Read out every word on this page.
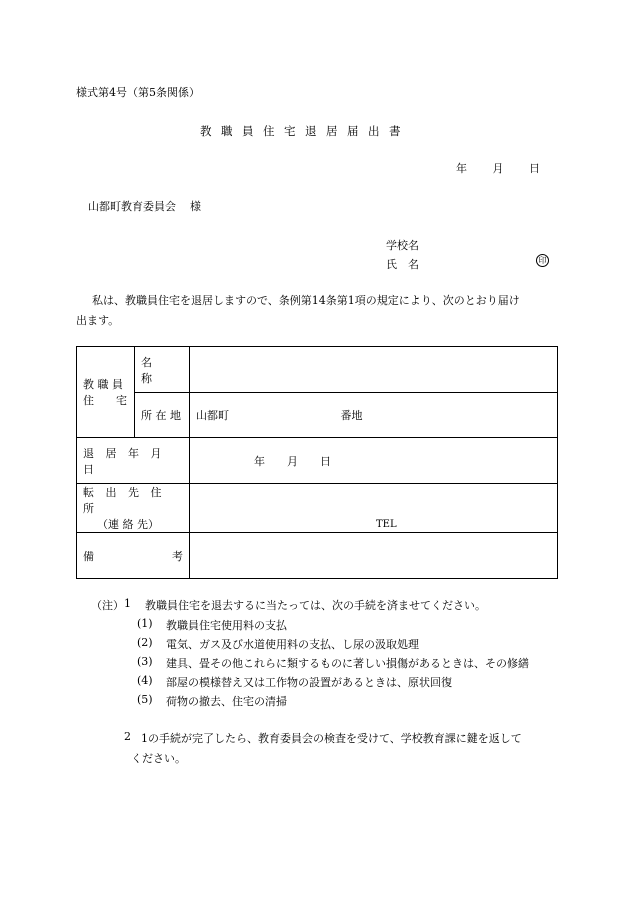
様式第4号（第5条関係）
教職員住宅退居届出書
年 月 日
山都町教育委員会 様
学校名
氏　名	印
私は、教職員住宅を退居しますので、条例第14条第1項の規定により、次のとおり届け
出ます。
教 職 員
住　　宅	名　　称	
	所 在 地	山都町 番地
退 居 年 月 日		年　　月　　日

転 出 先 住 所
（連 絡 先）		TEL

備 考		

（注） 1 教職員住宅を退去するに当たっては、次の手続を済ませてください。
(1) 教職員住宅使用料の支払
(2) 電気、ガス及び水道使用料の支払、し尿の汲取処理
(3) 建具、畳その他これらに類するものに著しい損傷があるときは、その修繕
(4) 部屋の模様替え又は工作物の設置があるときは、原状回復
(5) 荷物の撤去、住宅の清掃
2 1の手続が完了したら、教育委員会の検査を受けて、学校教育課に鍵を返して
ください。
